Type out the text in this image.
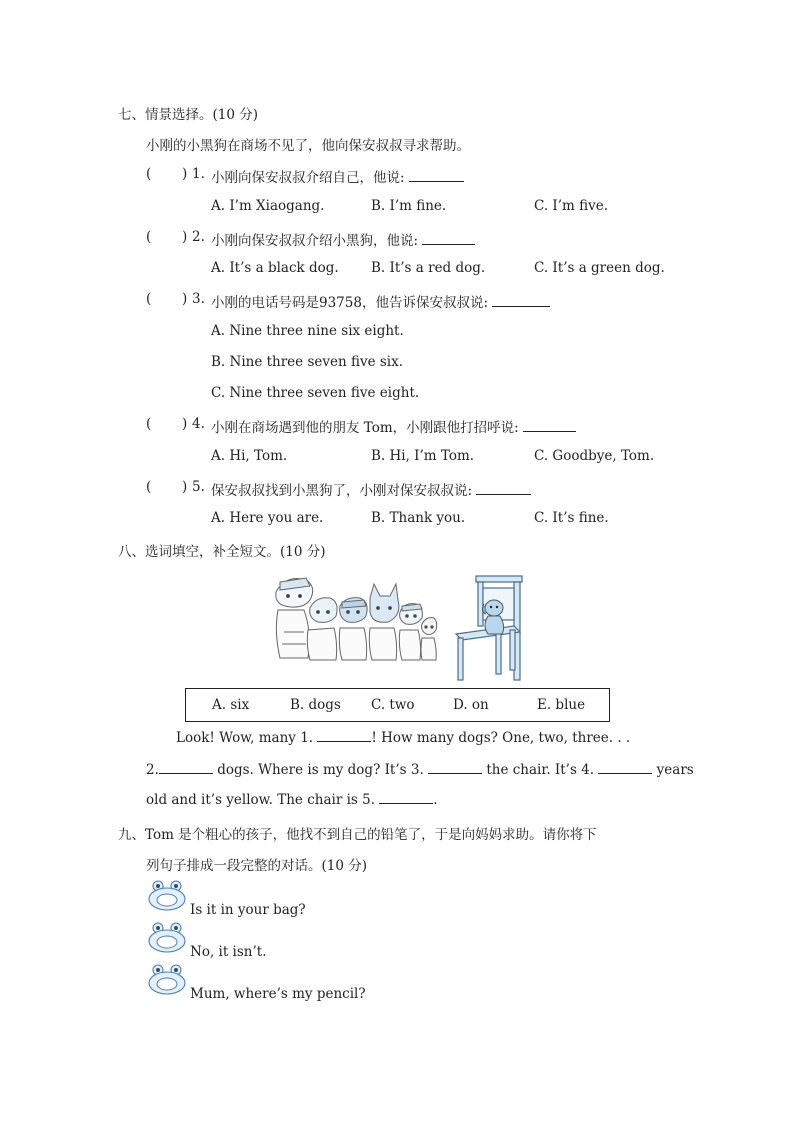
七、情景选择。(10 分)
小刚的小黑狗在商场不见了，他向保安叔叔寻求帮助。
( ) 1. 小刚向保安叔叔介绍自己，他说:
A. I’m Xiaogang.	B. I’m fine.	C. I’m five.
( ) 2. 小刚向保安叔叔介绍小黑狗，他说:
A. It’s a black dog. B. It’s a red dog.	C. It’s a green dog.
( ) 3. 小刚的电话号码是93758，他告诉保安叔叔说:
A. Nine three nine six eight.
B. Nine three seven five six.
C. Nine three seven five eight.
( ) 4. 小刚在商场遇到他的朋友 Tom，小刚跟他打招呼说:
A. Hi, Tom.	B. Hi, I’m Tom.	C. Goodbye, Tom.
( ) 5. 保安叔叔找到小黑狗了，小刚对保安叔叔说:
A. Here you are.	B. Thank you.	C. It’s fine.
八、选词填空，补全短文。(10 分)
A. six	B. dogs C. two	D. on	E. blue
Look! Wow, many 1.	! How many dogs? One, two, three. . .
2.	dogs. Where is my dog? It’s 3.	the chair. It’s 4.	years
old and it’s yellow. The chair is 5.	.
九、Tom 是个粗心的孩子，他找不到自己的铅笔了，于是向妈妈求助。请你将下
列句子排成一段完整的对话。(10 分)
Is it in your bag?
No, it isn’t.
Mum, where’s my pencil?
